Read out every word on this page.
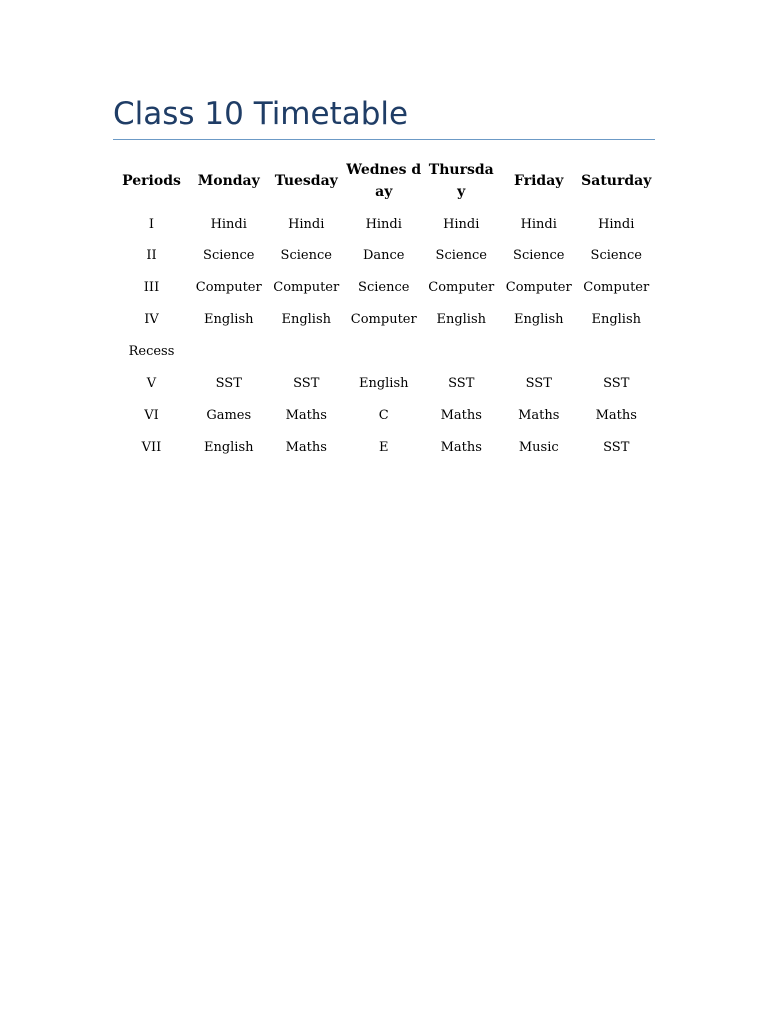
Class 10 Timetable
Periods	Monday	Tuesday	Wednes day	Thursda y	Friday	Saturday
I	Hindi	Hindi	Hindi	Hindi	Hindi	Hindi
II	Science	Science	Dance	Science	Science	Science
III	Computer	Computer	Science	Computer	Computer	Computer
IV	English	English	Computer	English	English	English
Recess						
V	SST	SST	English	SST	SST	SST
VI	Games	Maths	C	Maths	Maths	Maths
VII	English	Maths	E	Maths	Music	SST
